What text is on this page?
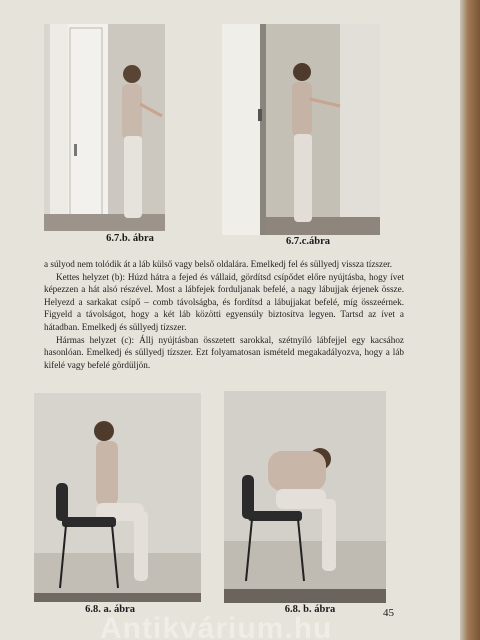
6.7.b. ábra	6.7.c.ábra

a súlyod nem tolódik át a láb külső vagy belső oldalára. Emelkedj fel és süllyedj vissza tízszer.

Kettes helyzet (b): Húzd hátra a fejed és vállaid, gördítsd csípődet előre nyújtásba, hogy ívet képezzen a hát alsó részével. Most a lábfejek forduljanak befelé, a nagy lábujjak érjenek össze. Helyezd a sarkakat csípő – comb távolságba, és fordítsd a lábujjakat befelé, míg összeérnek. Figyeld a távolságot, hogy a két láb közötti egyensúly biztosítva legyen. Tartsd az ívet a hátadban. Emelkedj és süllyedj tízszer.

Hármas helyzet (c): Állj nyújtásban összetett sarokkal, szétnyíló lábfejjel egy kacsához hasonlóan. Emelkedj és süllyedj tízszer. Ezt folyamatosan ismételd megakadályozva, hogy a láb kifelé vagy befelé gördüljön.

6.8. a. ábra	6.8. b. ábra	45
Antikvárium.hu
